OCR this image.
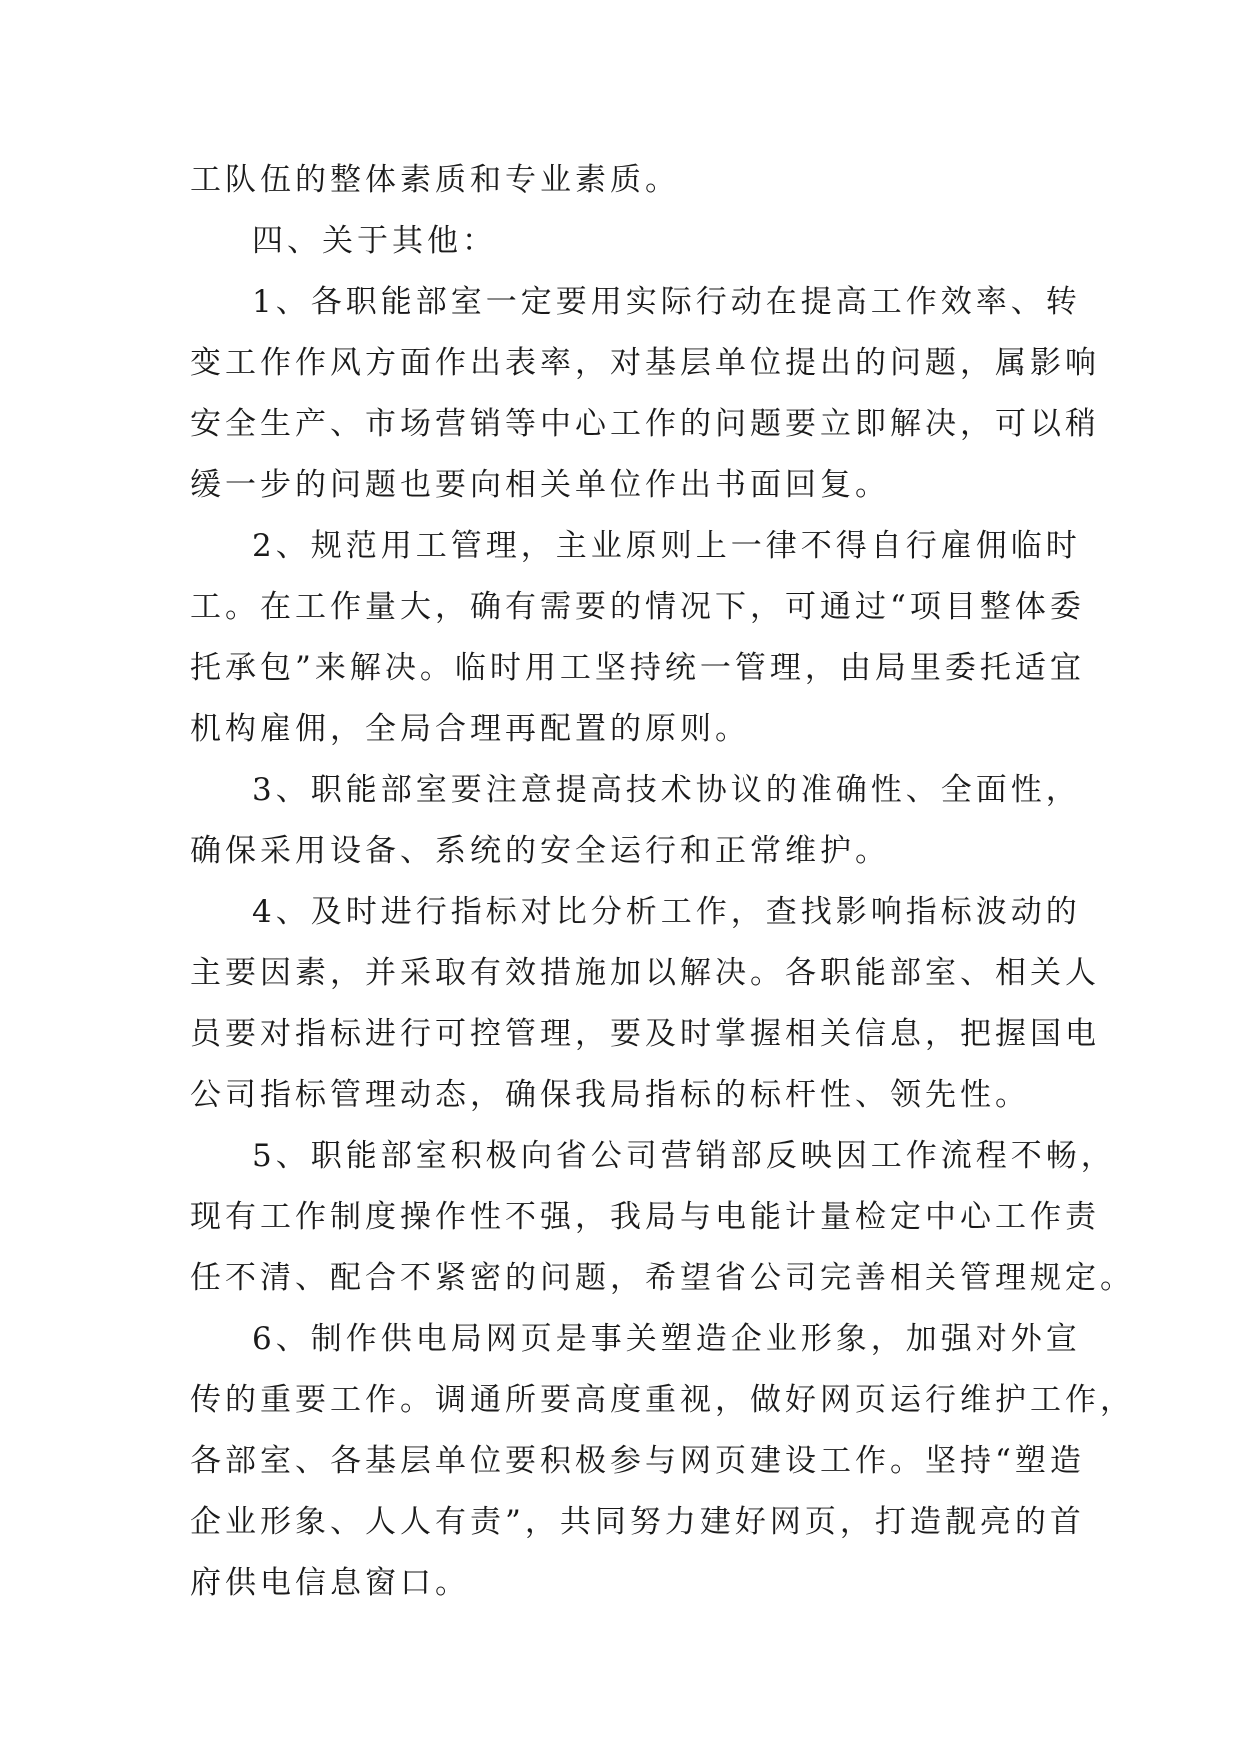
工队伍的整体素质和专业素质。
四、关于其他：
1、各职能部室一定要用实际行动在提高工作效率、转
变工作作风方面作出表率，对基层单位提出的问题，属影响
安全生产、市场营销等中心工作的问题要立即解决，可以稍
缓一步的问题也要向相关单位作出书面回复。
2、规范用工管理，主业原则上一律不得自行雇佣临时
工。在工作量大，确有需要的情况下，可通过“项目整体委
托承包”来解决。临时用工坚持统一管理，由局里委托适宜
机构雇佣，全局合理再配置的原则。
3、职能部室要注意提高技术协议的准确性、全面性，
确保采用设备、系统的安全运行和正常维护。
4、及时进行指标对比分析工作，查找影响指标波动的
主要因素，并采取有效措施加以解决。各职能部室、相关人
员要对指标进行可控管理，要及时掌握相关信息，把握国电
公司指标管理动态，确保我局指标的标杆性、领先性。
5、职能部室积极向省公司营销部反映因工作流程不畅，
现有工作制度操作性不强，我局与电能计量检定中心工作责
任不清、配合不紧密的问题，希望省公司完善相关管理规定。
6、制作供电局网页是事关塑造企业形象，加强对外宣
传的重要工作。调通所要高度重视，做好网页运行维护工作，
各部室、各基层单位要积极参与网页建设工作。坚持“塑造
企业形象、人人有责”，共同努力建好网页，打造靓亮的首
府供电信息窗口。
